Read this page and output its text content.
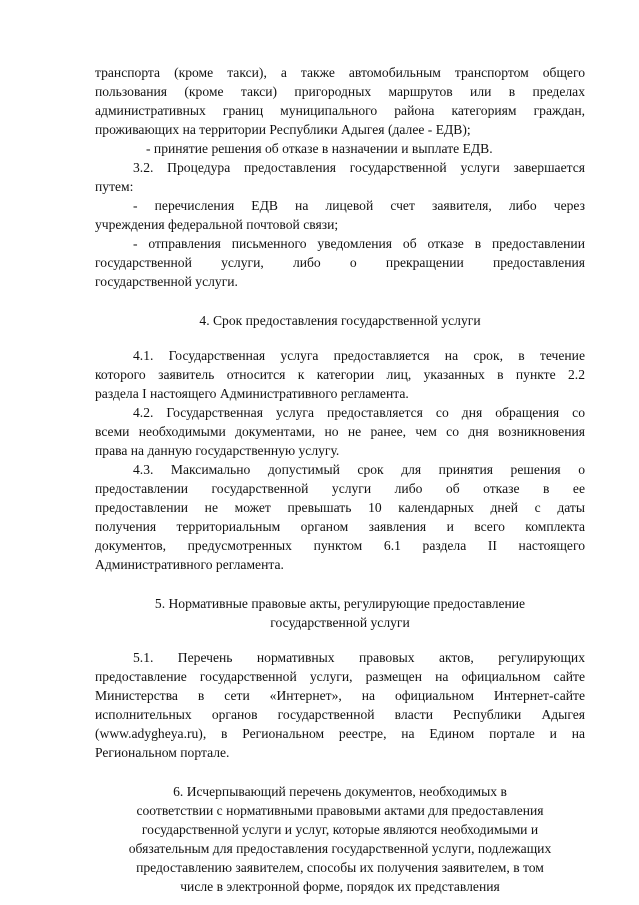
транспорта (кроме такси), а также автомобильным транспортом общего
пользования (кроме такси) пригородных маршрутов или в пределах
административных границ муниципального района категориям граждан,
проживающих на территории Республики Адыгея (далее - ЕДВ);
- принятие решения об отказе в назначении и выплате ЕДВ.
3.2. Процедура предоставления государственной услуги завершается
путем:
- перечисления ЕДВ на лицевой счет заявителя, либо через
учреждения федеральной почтовой связи;
- отправления письменного уведомления об отказе в предоставлении
государственной услуги, либо о прекращении предоставления
государственной услуги.
4. Срок предоставления государственной услуги
4.1. Государственная услуга предоставляется на срок, в течение
которого заявитель относится к категории лиц, указанных в пункте 2.2
раздела I настоящего Административного регламента.
4.2. Государственная услуга предоставляется со дня обращения со
всеми необходимыми документами, но не ранее, чем со дня возникновения
права на данную государственную услугу.
4.3. Максимально допустимый срок для принятия решения о
предоставлении государственной услуги либо об отказе в ее
предоставлении не может превышать 10 календарных дней с даты
получения территориальным органом заявления и всего комплекта
документов, предусмотренных пунктом 6.1 раздела II настоящего
Административного регламента.
5. Нормативные правовые акты, регулирующие предоставление
государственной услуги
5.1. Перечень нормативных правовых актов, регулирующих
предоставление государственной услуги, размещен на официальном сайте
Министерства в сети «Интернет», на официальном Интернет-сайте
исполнительных органов государственной власти Республики Адыгея
(www.adygheya.ru), в Региональном реестре, на Едином портале и на
Региональном портале.
6. Исчерпывающий перечень документов, необходимых в
соответствии с нормативными правовыми актами для предоставления
государственной услуги и услуг, которые являются необходимыми и
обязательным для предоставления государственной услуги, подлежащих
предоставлению заявителем, способы их получения заявителем, в том
числе в электронной форме, порядок их представления
